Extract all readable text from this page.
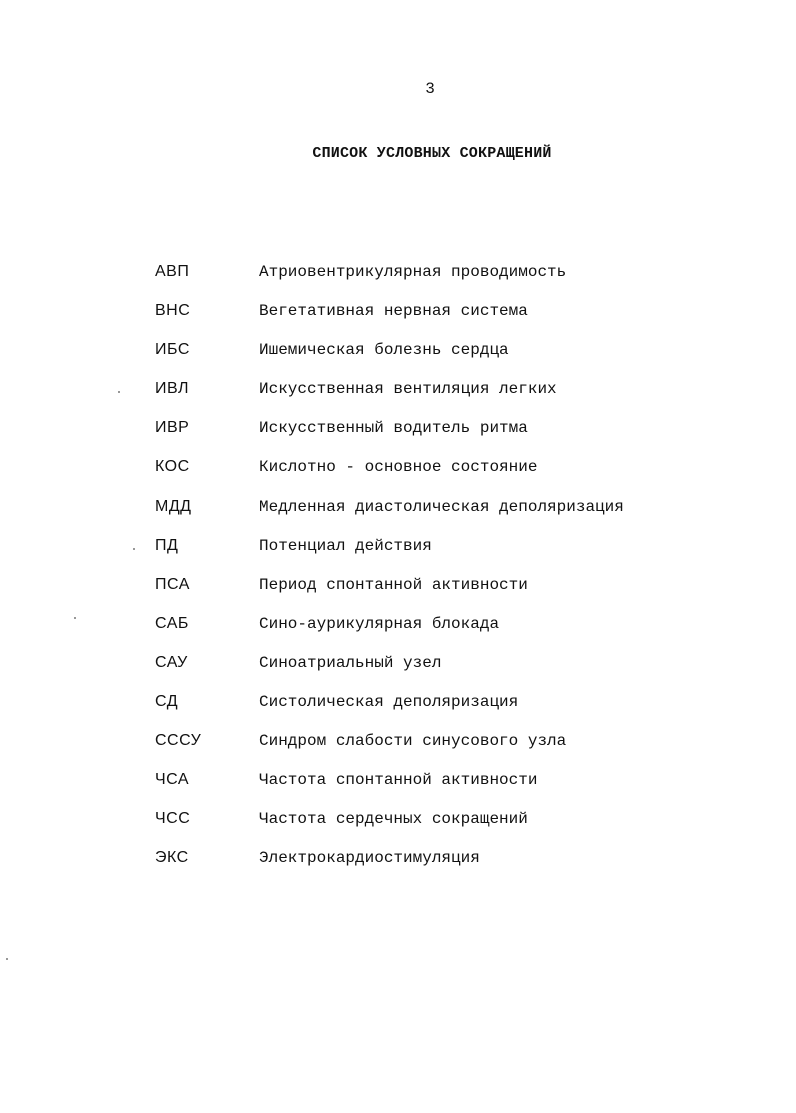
3
СПИСОК УСЛОВНЫХ СОКРАЩЕНИЙ
АВП	Атриовентрикулярная проводимость
ВНС	Вегетативная нервная система
ИБС	Ишемическая болезнь сердца
ИВЛ	Искусственная вентиляция легких
ИВР	Искусственный водитель ритма
КОС	Кислотно - основное состояние
МДД	Медленная диастолическая деполяризация
ПД	Потенциал действия
ПСА	Период спонтанной активности
САБ	Сино-аурикулярная блокада
САУ	Синоатриальный узел
СД	Систолическая деполяризация
СССУ	Синдром слабости синусового узла
ЧСА	Частота спонтанной активности
ЧСС	Частота сердечных сокращений
ЭКС	Электрокардиостимуляция
